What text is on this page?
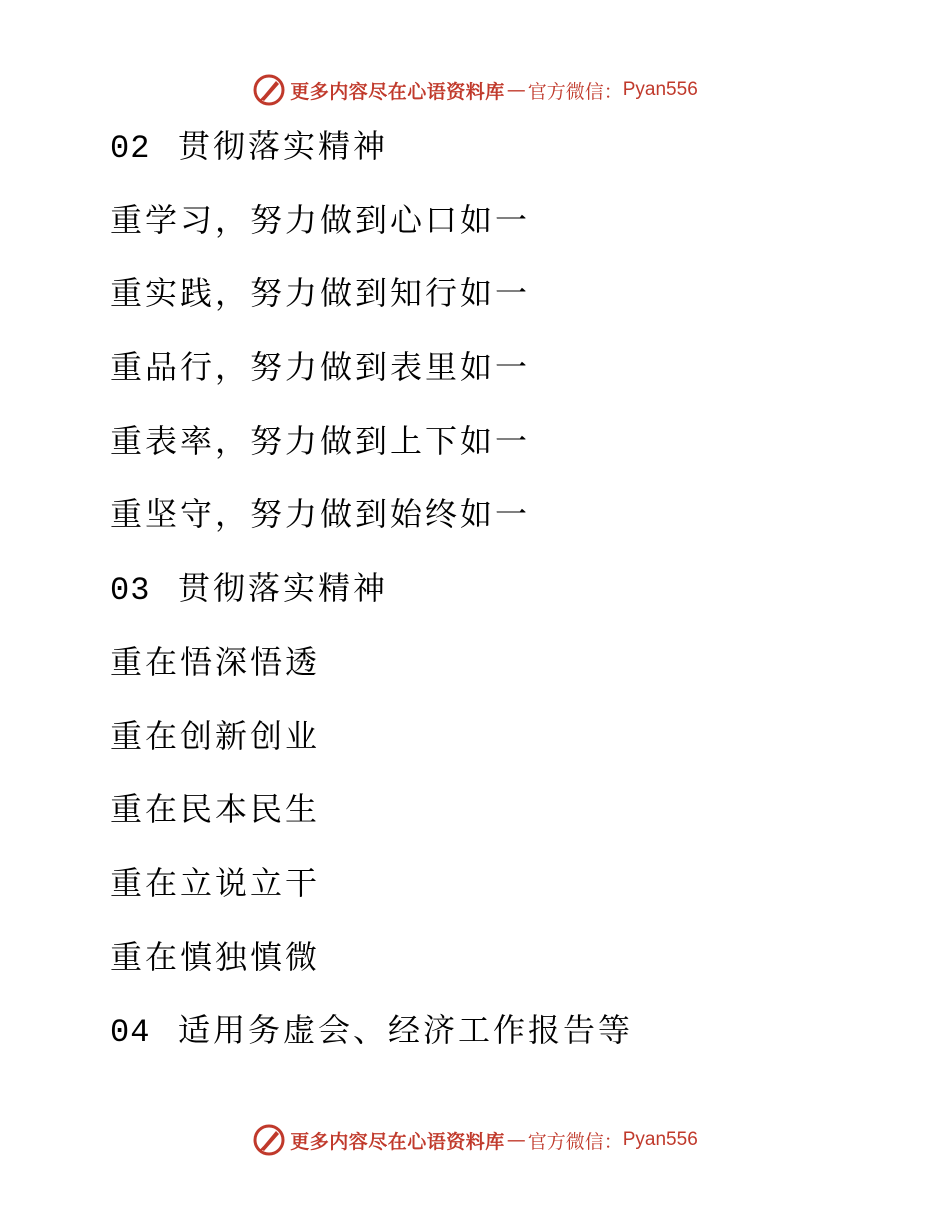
更多内容尽在心语资料库 — 官方微信： Pyan556
02 贯彻落实精神
重学习，努力做到心口如一
重实践，努力做到知行如一
重品行，努力做到表里如一
重表率，努力做到上下如一
重坚守，努力做到始终如一
03 贯彻落实精神
重在悟深悟透
重在创新创业
重在民本民生
重在立说立干
重在慎独慎微
04 适用务虚会、经济工作报告等
更多内容尽在心语资料库 — 官方微信： Pyan556
